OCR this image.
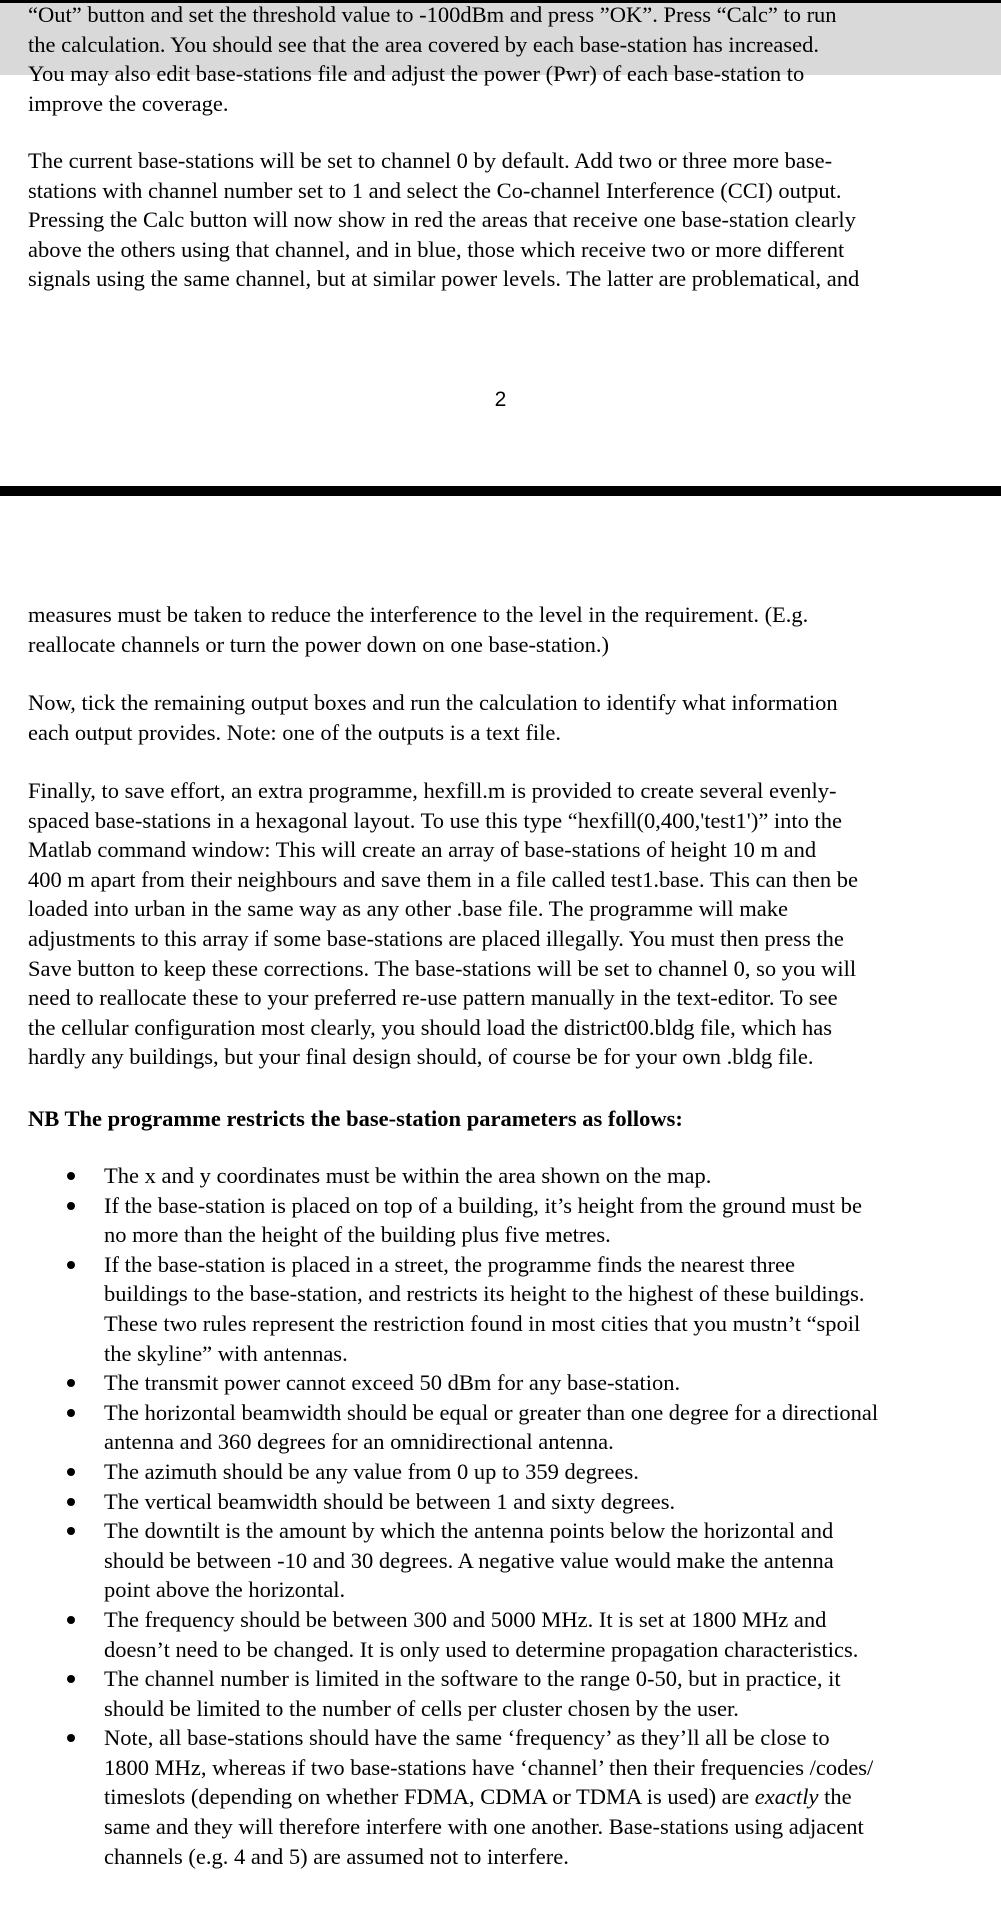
“Out” button and set the threshold value to -100dBm and press ”OK”. Press “Calc” to run
the calculation. You should see that the area covered by each base-station has increased.
You may also edit base-stations file and adjust the power (Pwr) of each base-station to
improve the coverage.

The current base-stations will be set to channel 0 by default. Add two or three more base-
stations with channel number set to 1 and select the Co-channel Interference (CCI) output.
Pressing the Calc button will now show in red the areas that receive one base-station clearly
above the others using that channel, and in blue, those which receive two or more different
signals using the same channel, but at similar power levels. The latter are problematical, and

2

measures must be taken to reduce the interference to the level in the requirement. (E.g.
reallocate channels or turn the power down on one base-station.)

Now, tick the remaining output boxes and run the calculation to identify what information
each output provides. Note: one of the outputs is a text file.

Finally, to save effort, an extra programme, hexfill.m is provided to create several evenly-
spaced base-stations in a hexagonal layout. To use this type “hexfill(0,400,'test1')” into the
Matlab command window: This will create an array of base-stations of height 10 m and
400 m apart from their neighbours and save them in a file called test1.base. This can then be
loaded into urban in the same way as any other .base file. The programme will make
adjustments to this array if some base-stations are placed illegally. You must then press the
Save button to keep these corrections. The base-stations will be set to channel 0, so you will
need to reallocate these to your preferred re-use pattern manually in the text-editor. To see
the cellular configuration most clearly, you should load the district00.bldg file, which has
hardly any buildings, but your final design should, of course be for your own .bldg file.

NB The programme restricts the base-station parameters as follows:

The x and y coordinates must be within the area shown on the map.
If the base-station is placed on top of a building, it’s height from the ground must be
no more than the height of the building plus five metres.
If the base-station is placed in a street, the programme finds the nearest three
buildings to the base-station, and restricts its height to the highest of these buildings.
These two rules represent the restriction found in most cities that you mustn’t “spoil
the skyline” with antennas.
The transmit power cannot exceed 50 dBm for any base-station.
The horizontal beamwidth should be equal or greater than one degree for a directional
antenna and 360 degrees for an omnidirectional antenna.
The azimuth should be any value from 0 up to 359 degrees.
The vertical beamwidth should be between 1 and sixty degrees.
The downtilt is the amount by which the antenna points below the horizontal and
should be between -10 and 30 degrees. A negative value would make the antenna
point above the horizontal.
The frequency should be between 300 and 5000 MHz. It is set at 1800 MHz and
doesn’t need to be changed. It is only used to determine propagation characteristics.
The channel number is limited in the software to the range 0-50, but in practice, it
should be limited to the number of cells per cluster chosen by the user.
Note, all base-stations should have the same ‘frequency’ as they’ll all be close to
1800 MHz, whereas if two base-stations have ‘channel’ then their frequencies /codes/
timeslots (depending on whether FDMA, CDMA or TDMA is used) are exactly the
same and they will therefore interfere with one another. Base-stations using adjacent
channels (e.g. 4 and 5) are assumed not to interfere.
